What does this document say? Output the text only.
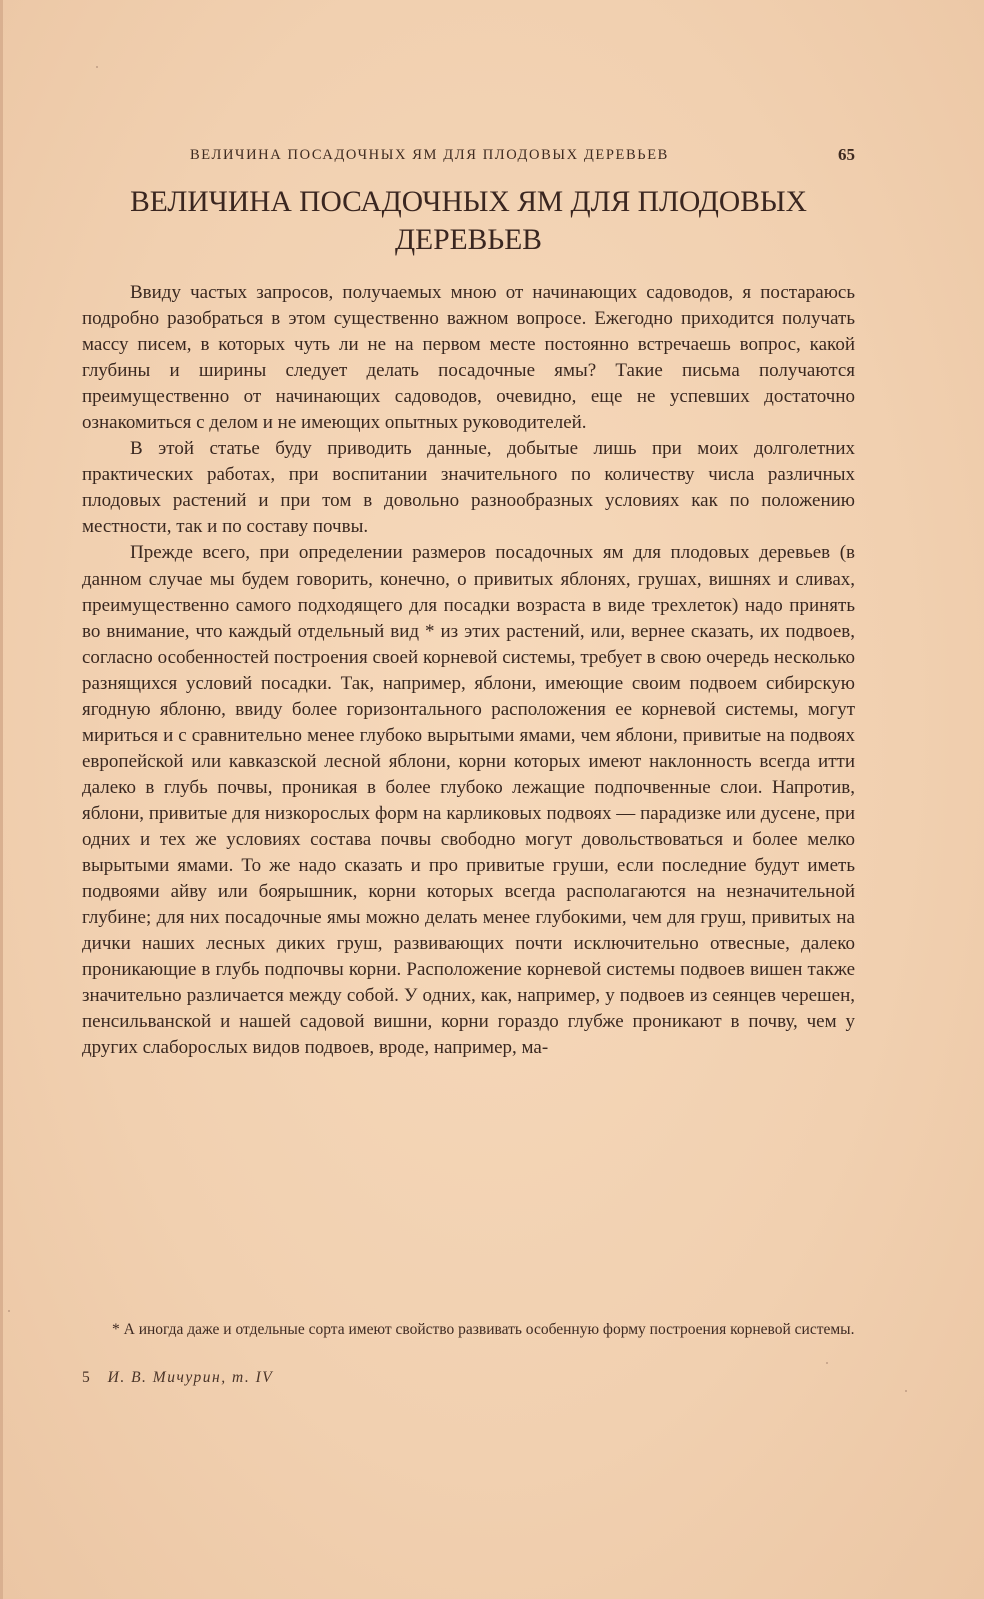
ВЕЛИЧИНА ПОСАДОЧНЫХ ЯМ ДЛЯ ПЛОДОВЫХ ДЕРЕВЬЕВ	65
ВЕЛИЧИНА ПОСАДОЧНЫХ ЯМ ДЛЯ ПЛОДОВЫХ ДЕРЕВЬЕВ

Ввиду частых запросов, получаемых мною от начинающих садоводов, я постараюсь подробно разобраться в этом существенно важном вопросе. Ежегодно приходится получать массу писем, в которых чуть ли не на первом месте постоянно встречаешь вопрос, какой глубины и ширины следует делать посадочные ямы? Такие письма получаются преимущественно от начинающих садоводов, очевидно, еще не успевших достаточно ознакомиться с делом и не имеющих опытных руководителей.

В этой статье буду приводить данные, добытые лишь при моих долголетних практических работах, при воспитании значительного по количеству числа различных плодовых растений и при том в довольно разнообразных условиях как по положению местности, так и по составу почвы.

Прежде всего, при определении размеров посадочных ям для плодовых деревьев (в данном случае мы будем говорить, конечно, о привитых яблонях, грушах, вишнях и сливах, преимущественно самого подходящего для посадки возраста в виде трехлеток) надо принять во внимание, что каждый отдельный вид * из этих растений, или, вернее сказать, их подвоев, согласно особенностей построения своей корневой системы, требует в свою очередь несколько разнящихся условий посадки. Так, например, яблони, имеющие своим подвоем сибирскую ягодную яблоню, ввиду более горизонтального расположения ее корневой системы, могут мириться и с сравнительно менее глубоко вырытыми ямами, чем яблони, привитые на подвоях европейской или кавказской лесной яблони, корни которых имеют наклонность всегда итти далеко в глубь почвы, проникая в более глубоко лежащие подпочвенные слои. Напротив, яблони, привитые для низкорослых форм на карликовых подвоях — парадизке или дусене, при одних и тех же условиях состава почвы свободно могут довольствоваться и более мелко вырытыми ямами. То же надо сказать и про привитые груши, если последние будут иметь подвоями айву или боярышник, корни которых всегда располагаются на незначительной глубине; для них посадочные ямы можно делать менее глубокими, чем для груш, привитых на дички наших лесных диких груш, развивающих почти исключительно отвесные, далеко проникающие в глубь подпочвы корни. Расположение корневой системы подвоев вишен также значительно различается между собой. У одних, как, например, у подвоев из сеянцев черешен, пенсильванской и нашей садовой вишни, корни гораздо глубже проникают в почву, чем у других слаборослых видов подвоев, вроде, например, ма-

* А иногда даже и отдельные сорта имеют свойство развивать особенную форму построения корневой системы.

5 И. В. Мичурин, т. IV
